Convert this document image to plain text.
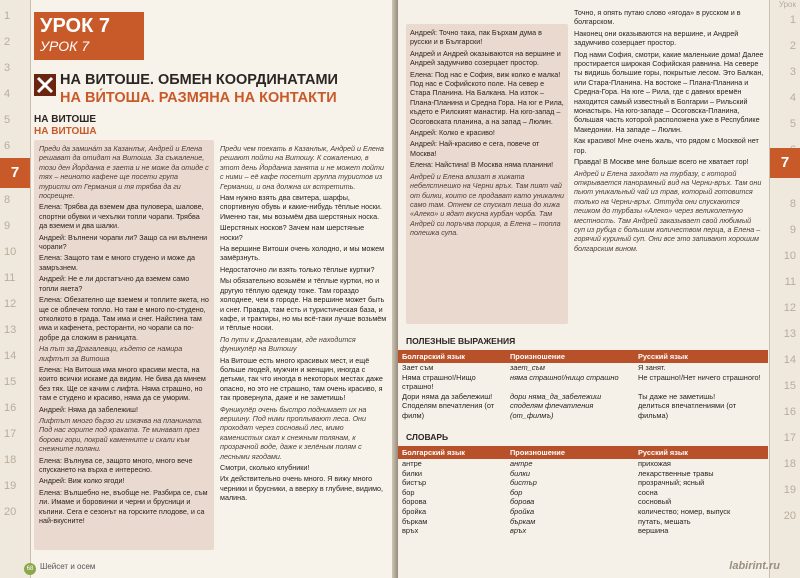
1
2
3
4
5
6
8
9
10
11
12
13
14
15
16
17
18
19
20
7
УРОК 7
УРОК 7
НА ВИТОШЕ. ОБМЕН КООРДИНАТАМИ
НА ВИ́ТОША. РАЗМЯНА НА КОНТАКТИ
НА ВИТОШЕ
НА ВИТОША

Преди да замина́т за Казанлък, Андрей и Елена решават да отидат на Витоша. За съжаление, този ден Йорданка е заета и не може да отиде с тях – неиното кафене ще посети група туристи от Германия и тя трябва да ги посрещне.

Елена: Трябва да вземем два пуловера, шалове, спортни обувки и чехълки топли чорапи. Трябва да вземем и два шалки.

Андрей: Вълнени чорапи ли? Защо са ни вълнени чорапи?

Елена: Защото там е много студено и може да замръзнем.

Андрей: Не е ли достатъчно да вземем само топли якета?

Елена: Обезателно ще вземем и топлите якета, но ще се облечем топло. Но там е много по-студено, отколкото в града. Там има и снег. Найстина там има и кафенета, ресторанти, но чорапи са по-добре да сложим в раницата.

На път за Драгалевци, където се намира лифтът за Витоша

Елена: На Витоша има много красиви места, на които всички искаме да видим. Не бива да минем без тях. Ще се качим с лифта. Няма страшно, но там е студено и красиво, няма да се уморим.

Андрей: Няма да забележиш!

Лифтът много бързо ги изкачва на планината. Под нас горите под краката. Те минават през борови гори, покрай каменните и скали към снежните поляни.

Елена: Вълнува се, защото много, много вече спускането на върха е интересно.

Андрей: Виж колко ягоди!

Елена: Вълшебно не, въобще не. Разбира се, съм ли. Имаме и боровинки и черни и брусници и къпини. Сега е сезонът на горските плодове, и са най-вкусните!

Преди чем поехать в Казанлык, Андрей и Елена решают пойти на Витошу. К сожалению, в этот день Йорданка занята и не может пойти с ними – её кафе посетит группа туристов из Германии, и она должна их встретить.

Нам нужно взять два свитера, шарфы, спортивную обувь и какие-нибудь тёплые носки. Именно так, мы возьмём два шерстяных носка.

Шерстяных носков? Зачем нам шерстяные носки?

На вершине Витоши очень холодно, и мы можем замёрзнуть.

Недостаточно ли взять только тёплые куртки?

Мы обязательно возьмём и тёплые куртки, но и другую тёплую одежду тоже. Там гораздо холоднее, чем в городе. На вершине может быть и снег. Правда, там есть и туристическая база, и кафе, и трактиры, но мы всё-таки лучше возьмём и тёплые носки.

По пути к Драгалевцам, где находится фуникулёр на Витошу

На Витоше есть много красивых мест, и ещё больше людей, мужчин и женщин, иногда с детьми, так что иногда в некоторых местах даже опасно, но это не страшно, там очень красиво, я так провернула, даже и не заметишь!

Фуникулёр очень быстро поднимает их на вершину. Под ними проплывают леса. Они проходят через сосновый лес, мимо каменистых скал к снежным полянам, к прозрачной воде, даже к зелёным полям с лесными ягодами.

Смотри, сколько клубники!

Их действительно очень много. Я вижу много черники и брусники, а вверху в глубине, видимо, малина.

68 Шейсет и осем
Урок
1
2
3
4
5
8
9
10
11
12
13
14
15
16
17
18
19
20
7

Андрей: Точно така, пак Бърхам дума в русски и в Български!

Андрей и Андрей оказываются на вершине и Андрей задумчиво созерцает простор.

Елена: Под нас е София, виж колко е малка! Под нас е Софийското поле. На север е Стара Планина. На Балкана. На изток – Плана-Планина и Средна Гора. На юг е Рила, където е Рилският манастир. На юго-запад – Осоговската планина, а на запад – Люлин.

Андрей: Колко е красиво!

Андрей: Най-красиво е сега, повече от Москва!

Елена: Найстина! В Москва няма планини!

Андрей и Елена влизат в хижата небелстнешко на Черни връх. Там пият чай от билки, които се продават като уникални само там. Отнем се спускат пеша до хижа «Алеко» и ядат вкусна курбан чорба. Там Андрей си поръчва порция, а Елена – топла полешка супа.

Точно, я опять путаю слово «ягода» в русском и в болгарском.

Наконец они оказываются на вершине, и Андрей задумчиво созерцает простор.

Под нами София, смотри, какие маленькие дома! Далее простирается широкая Софийская равнина. На севере ты видишь большие горы, покрытые лесом. Это Балкан, или Стара-Планина. На востоке – Плана-Планина и Средна-Гора. На юге – Рила, где с давних времён находится самый известный в Болгарии – Рильский монастырь. На юго-западе – Осоговска-Планина, большая часть которой расположена уже в Республике Македонии. На западе – Люлин.

Как красиво! Мне очень жаль, что рядом с Москвой нет гор.

Правда! В Москве мне больше всего не хватает гор!

Андрей и Елена заходят на турбазу, с которой открывается панорамный вид на Черни-връх. Там они пьют уникальный чай из трав, который готовится только на Черни-връх. Оттуда они спускаются пешком до турбазы «Алеко» через великолепную местность. Там Андрей заказывает свой любимый суп из рубца с большим количеством перца, а Елена – горячий куриный суп. Они все это запивают хорошим болгарским вином.

ПОЛЕЗНЫЕ ВЫРАЖЕНИЯ
Болгарский язык	Произношение	Русский язык
Зает съм	зает_съм	Я занят.
Няма страшно!/Нищо страшно!	няма страшно!/нищо страшно	Не страшно!/Нет ничего страшного!
Дори няма да забележиш!	дори няма_да_забележиш	Ты даже не заметишь!
Споделям впечатления (от филм)	споделям фпечатления (от_филмъ)	делиться впечатлениями (от фильма)
СЛОВАРЬ
Болгарский язык	Произношение	Русский язык
антре	антре	прихожая
билки	билки	лекарственные травы
бистър	бистър	прозрачный; ясный
бор	бор	сосна
борова	борова	сосновый
бройка	бройка	количество; номер, выпуск
бъркам	бъркам	путать, мешать
връх	връх	вершина
labirint.ru
